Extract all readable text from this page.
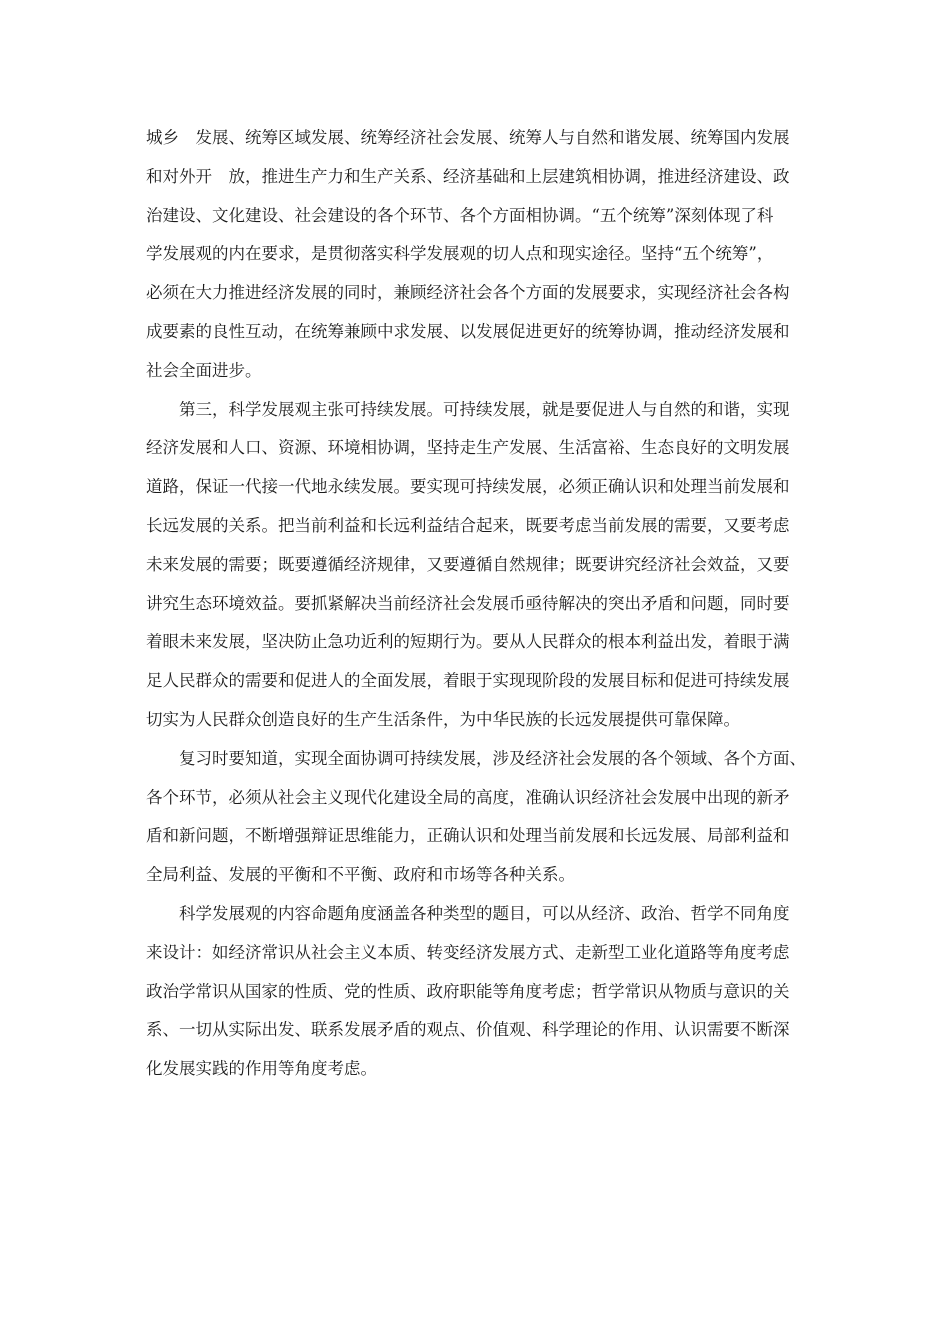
城乡　发展、统筹区域发展、统筹经济社会发展、统筹人与自然和谐发展、统筹国内发展
和对外开　放，推进生产力和生产关系、经济基础和上层建筑相协调，推进经济建设、政
治建设、文化建设、社会建设的各个环节、各个方面相协调。“五个统筹”深刻体现了科
学发展观的内在要求，是贯彻落实科学发展观的切人点和现实途径。坚持“五个统筹”，
必须在大力推进经济发展的同时，兼顾经济社会各个方面的发展要求，实现经济社会各构
成要素的良性互动，在统筹兼顾中求发展、以发展促进更好的统筹协调，推动经济发展和
社会全面进步。
第三，科学发展观主张可持续发展。可持续发展，就是要促进人与自然的和谐，实现
经济发展和人口、资源、环境相协调，坚持走生产发展、生活富裕、生态良好的文明发展
道路，保证一代接一代地永续发展。要实现可持续发展，必须正确认识和处理当前发展和
长远发展的关系。把当前利益和长远利益结合起来，既要考虑当前发展的需要，又要考虑
未来发展的需要；既要遵循经济规律，又要遵循自然规律；既要讲究经济社会效益，又要
讲究生态环境效益。要抓紧解决当前经济社会发展币亟待解决的突出矛盾和问题，同时要
着眼未来发展，坚决防止急功近利的短期行为。要从人民群众的根本利益出发，着眼于满
足人民群众的需要和促进人的全面发展，着眼于实现现阶段的发展目标和促进可持续发展
切实为人民群众创造良好的生产生活条件，为中华民族的长远发展提供可靠保障。
复习时要知道，实现全面协调可持续发展，涉及经济社会发展的各个领域、各个方面、
各个环节，必须从社会主义现代化建设全局的高度，准确认识经济社会发展中出现的新矛
盾和新问题，不断增强辩证思维能力，正确认识和处理当前发展和长远发展、局部利益和
全局利益、发展的平衡和不平衡、政府和市场等各种关系。
科学发展观的内容命题角度涵盖各种类型的题目，可以从经济、政治、哲学不同角度
来设计：如经济常识从社会主义本质、转变经济发展方式、走新型工业化道路等角度考虑
政治学常识从国家的性质、党的性质、政府职能等角度考虑；哲学常识从物质与意识的关
系、一切从实际出发、联系发展矛盾的观点、价值观、科学理论的作用、认识需要不断深
化发展实践的作用等角度考虑。
